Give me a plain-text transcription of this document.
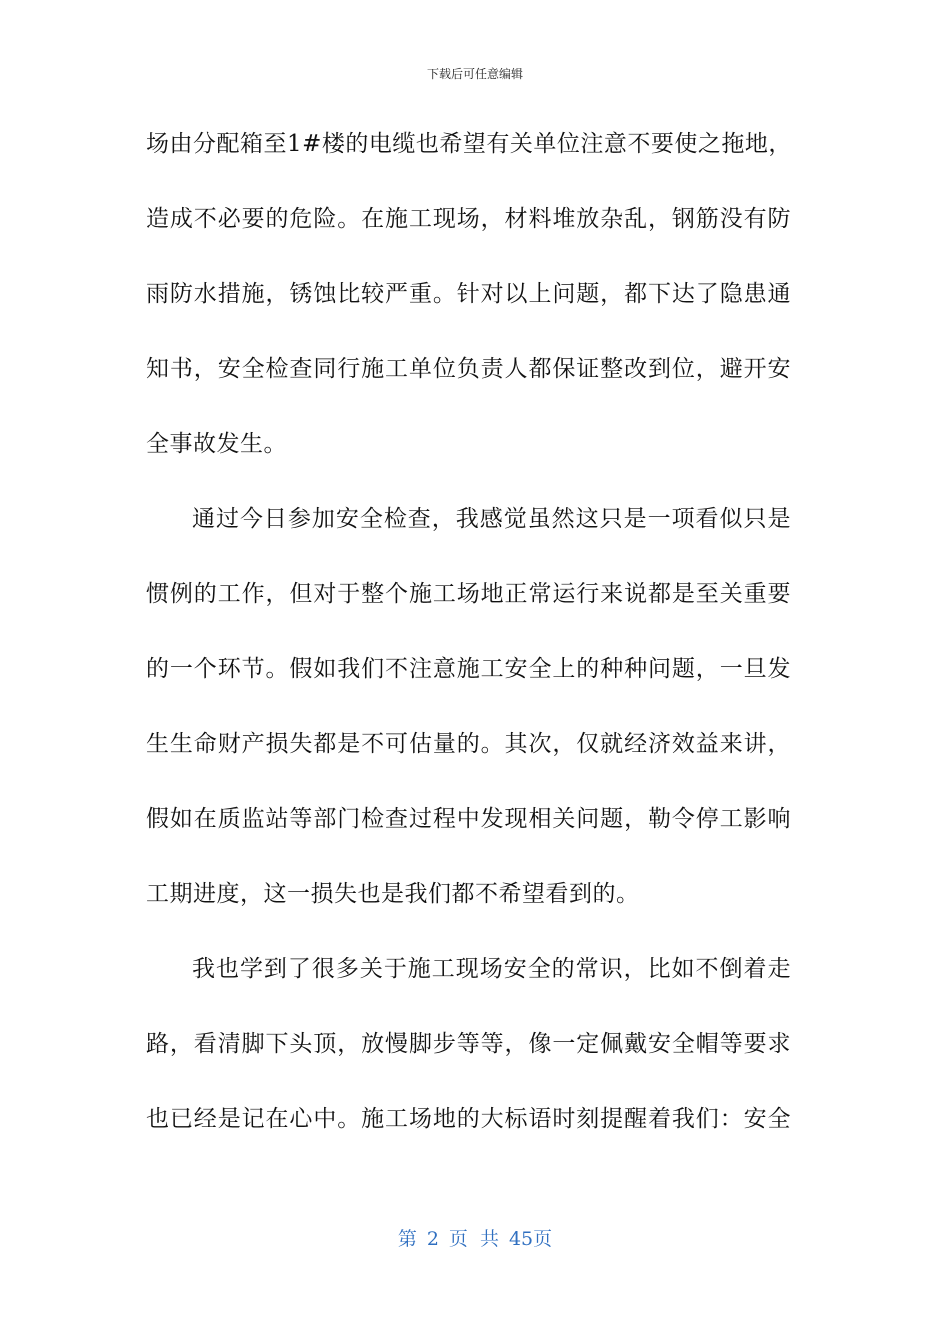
下载后可任意编辑
场由分配箱至1#楼的电缆也希望有关单位注意不要使之拖地，
造成不必要的危险。在施工现场，材料堆放杂乱，钢筋没有防
雨防水措施，锈蚀比较严重。针对以上问题，都下达了隐患通
知书，安全检查同行施工单位负责人都保证整改到位，避开安
全事故发生。
通过今日参加安全检查，我感觉虽然这只是一项看似只是
惯例的工作，但对于整个施工场地正常运行来说都是至关重要
的一个环节。假如我们不注意施工安全上的种种问题，一旦发
生生命财产损失都是不可估量的。其次，仅就经济效益来讲，
假如在质监站等部门检查过程中发现相关问题，勒令停工影响
工期进度，这一损失也是我们都不希望看到的。
我也学到了很多关于施工现场安全的常识，比如不倒着走
路，看清脚下头顶，放慢脚步等等，像一定佩戴安全帽等要求
也已经是记在心中。施工场地的大标语时刻提醒着我们：安全
第 2 页 共 45页
